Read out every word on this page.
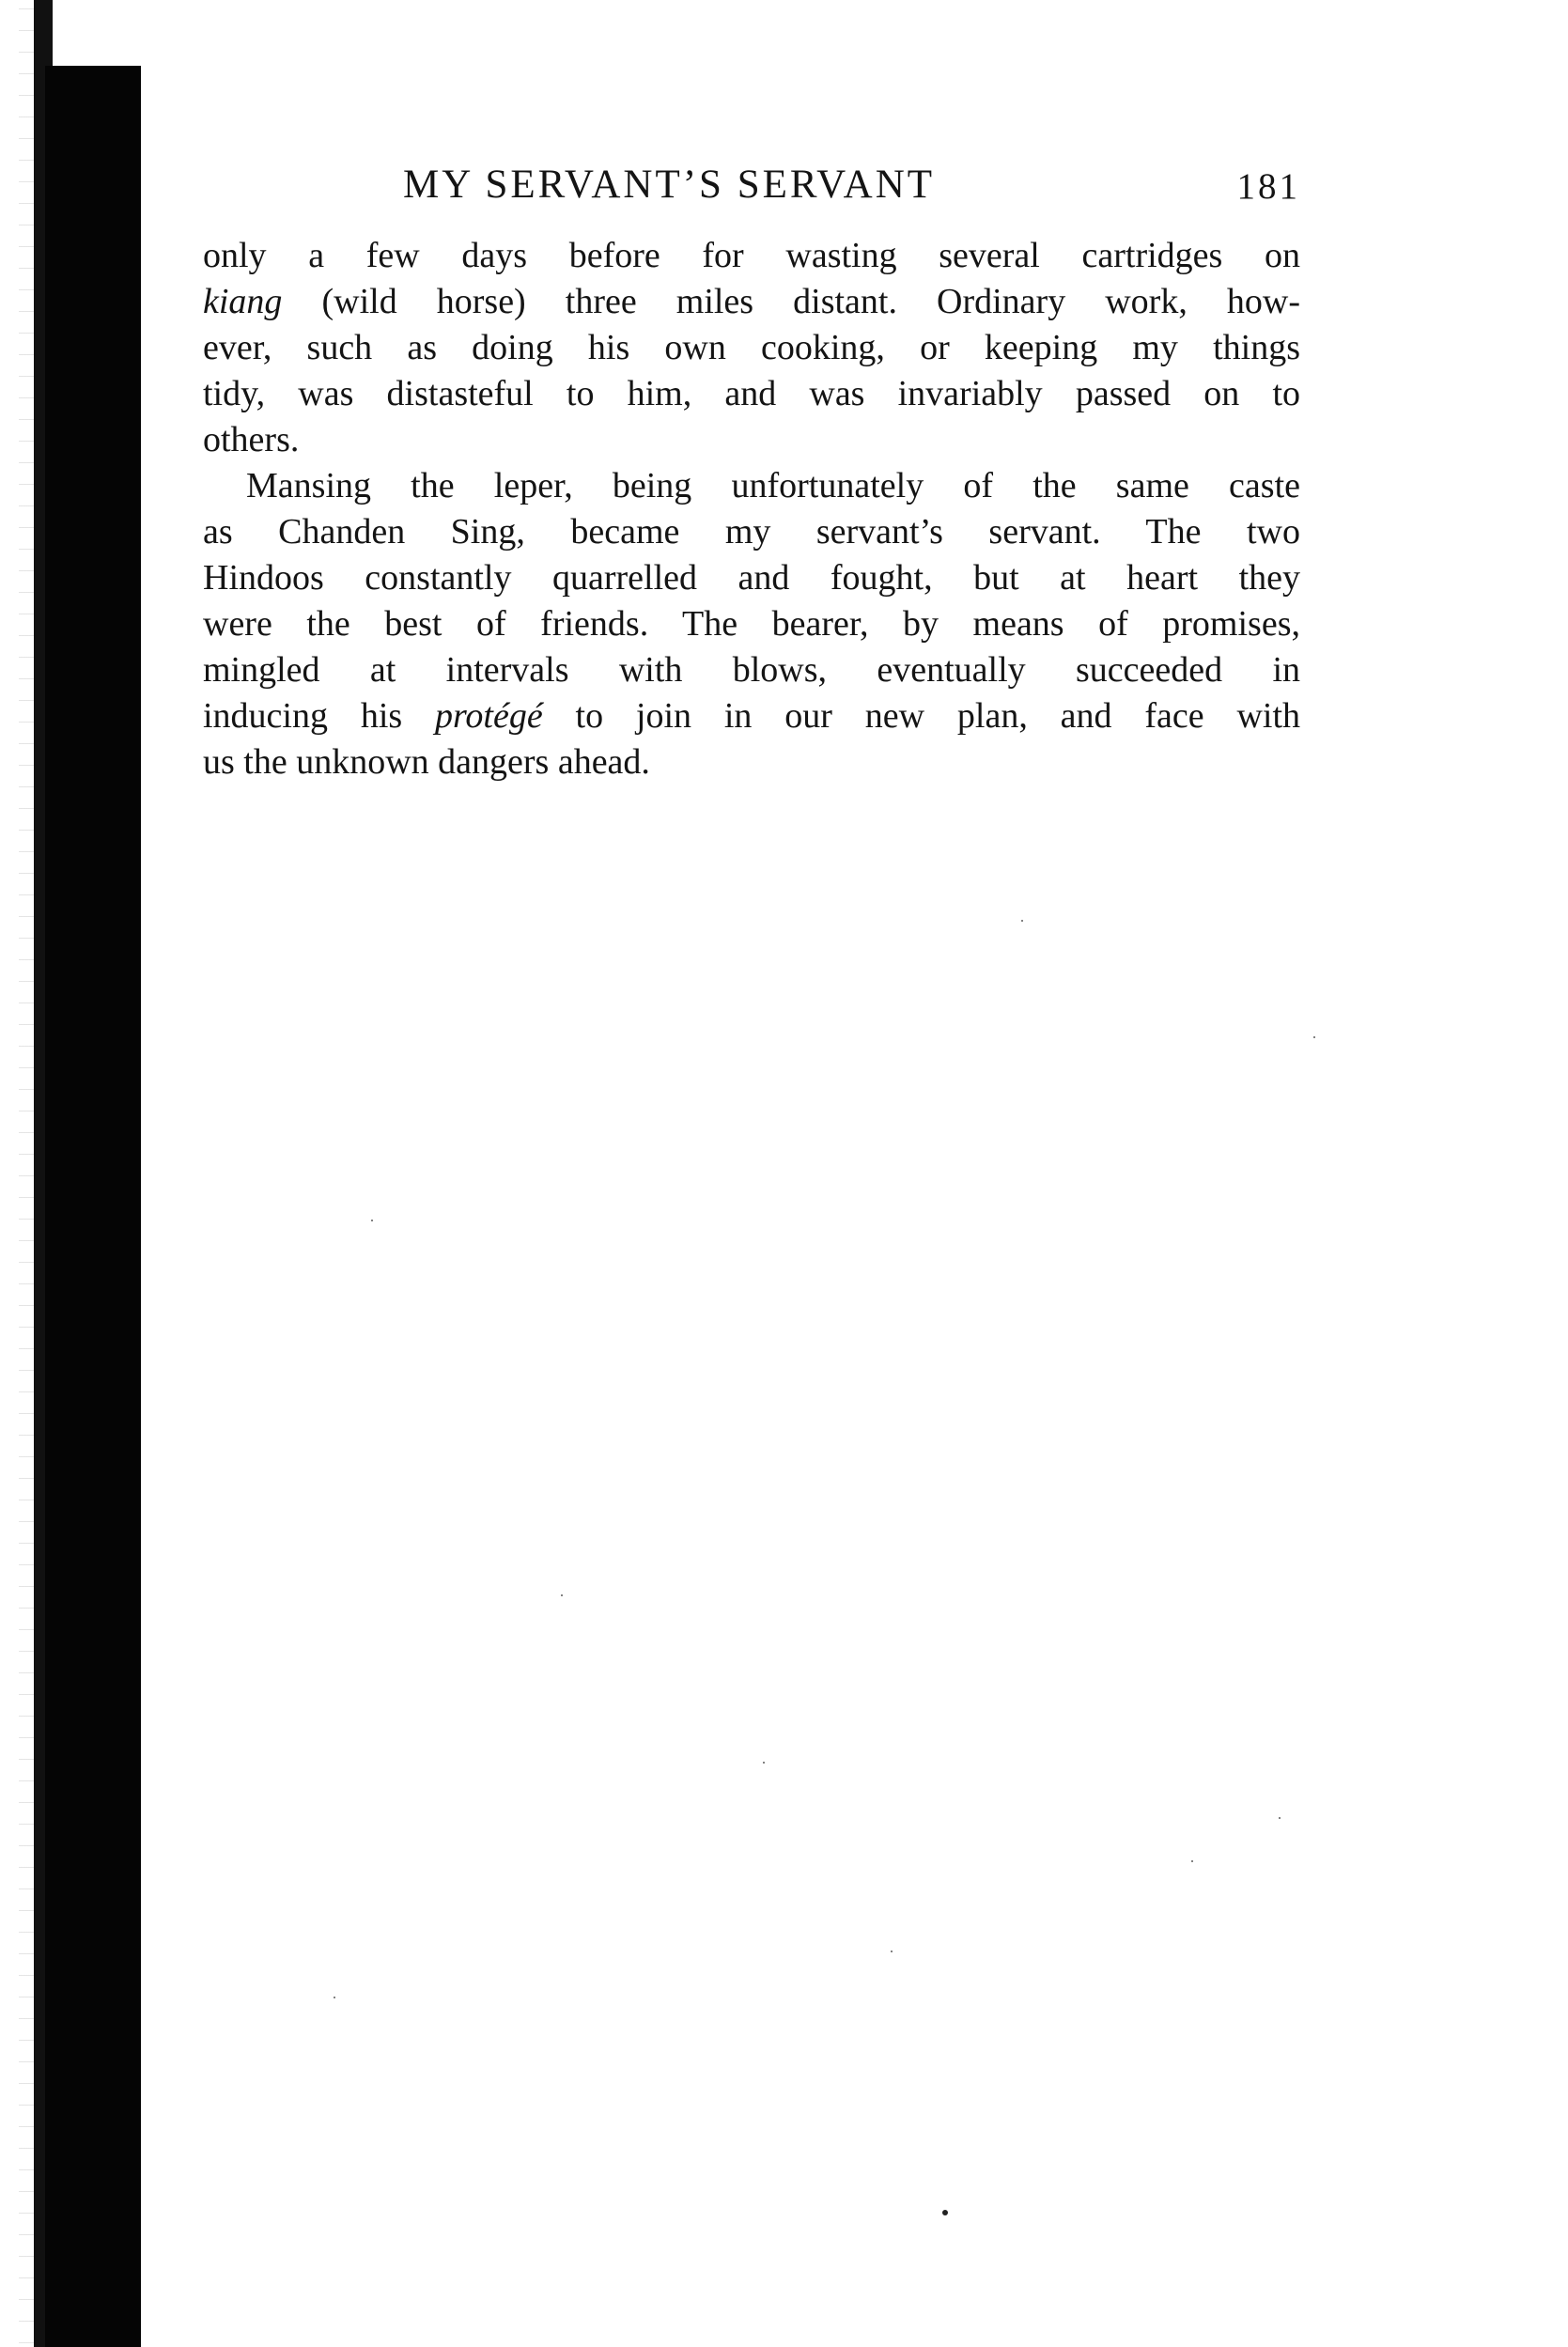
MY SERVANT’S SERVANT	181

only a few days before for wasting several cartridges on
kiang (wild horse) three miles distant. Ordinary work, how-
ever, such as doing his own cooking, or keeping my things
tidy, was distasteful to him, and was invariably passed on to
others.

Mansing the leper, being unfortunately of the same caste
as Chanden Sing, became my servant’s servant. The two
Hindoos constantly quarrelled and fought, but at heart they
were the best of friends. The bearer, by means of promises,
mingled at intervals with blows, eventually succeeded in
inducing his protégé to join in our new plan, and face with
us the unknown dangers ahead.
